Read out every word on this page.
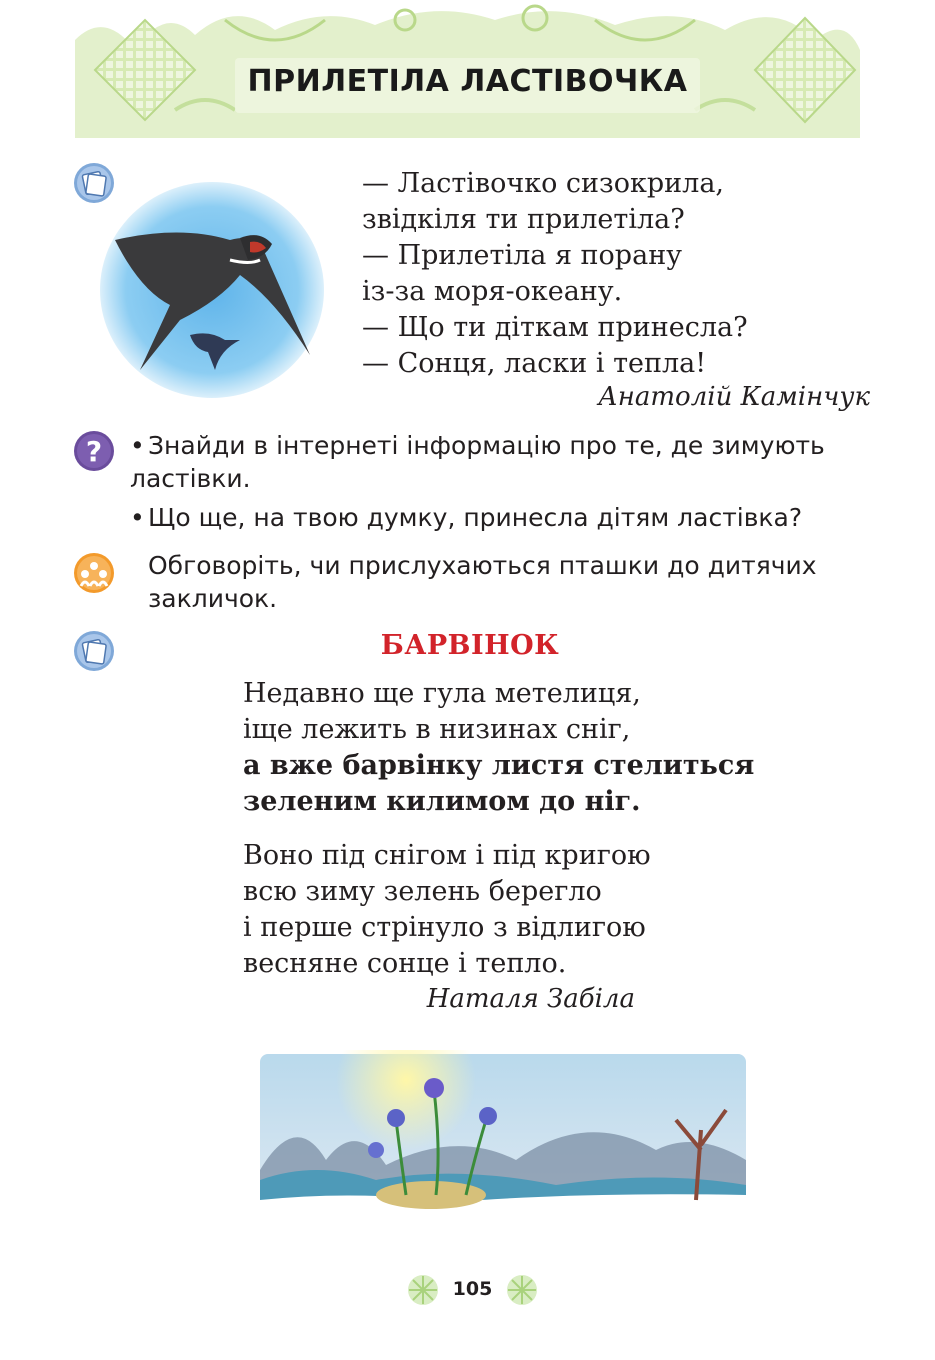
ПРИЛЕТІЛА ЛАСТІВОЧКА
— Ластівочко сизокрила,
звідкіля ти прилетіла?
— Прилетіла я порану
із-за моря-океану.
— Що ти діткам принесла?
— Сонця, ласки і тепла!
Анатолій Камінчук
? • Знайди в інтернеті інформацію про те, де зимують ластівки.
• Що ще, на твою думку, принесла дітям ластівка?
Обговоріть, чи прислухаються пташки до дитячих закличок.
БАРВІНОК
Недавно ще гула метелиця,
іще лежить в низинах сніг,
а вже барвінку листя стелиться
зеленим килимом до ніг.
Воно під снігом і під кригою
всю зиму зелень берегло
і перше стрінуло з відлигою
весняне сонце і тепло.
Наталя Забіла
105
